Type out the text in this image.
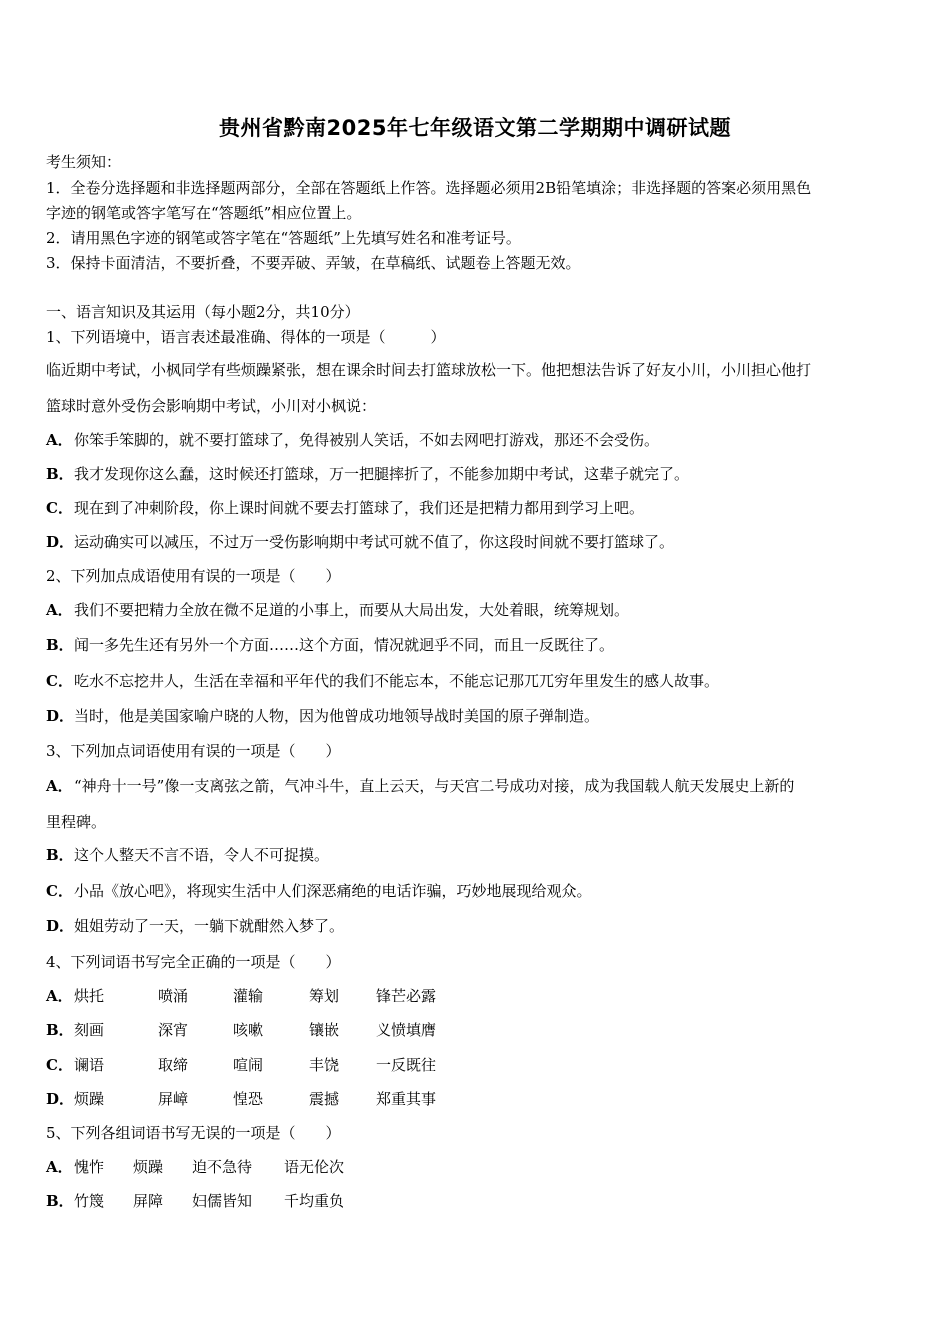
贵州省黔南2025年七年级语文第二学期期中调研试题
考生须知：
1．全卷分选择题和非选择题两部分，全部在答题纸上作答。选择题必须用2B铅笔填涂；非选择题的答案必须用黑色
字迹的钢笔或答字笔写在“答题纸”相应位置上。
2．请用黑色字迹的钢笔或答字笔在“答题纸”上先填写姓名和准考证号。
3．保持卡面清洁，不要折叠，不要弄破、弄皱，在草稿纸、试题卷上答题无效。
一、语言知识及其运用（每小题2分，共10分）
1、下列语境中，语言表述最准确、得体的一项是（　　　）
临近期中考试，小枫同学有些烦躁紧张，想在课余时间去打篮球放松一下。他把想法告诉了好友小川，小川担心他打
篮球时意外受伤会影响期中考试，小川对小枫说：
A．你笨手笨脚的，就不要打篮球了，免得被别人笑话，不如去网吧打游戏，那还不会受伤。
B．我才发现你这么蠢，这时候还打篮球，万一把腿摔折了，不能参加期中考试，这辈子就完了。
C．现在到了冲刺阶段，你上课时间就不要去打篮球了，我们还是把精力都用到学习上吧。
D．运动确实可以减压，不过万一受伤影响期中考试可就不值了，你这段时间就不要打篮球了。
2、下列加点成语使用有误的一项是（　　）
A．我们不要把精力全放在微不足道的小事上，而要从大局出发，大处着眼，统筹规划。
B．闻一多先生还有另外一个方面……这个方面，情况就迥乎不同，而且一反既往了。
C．吃水不忘挖井人，生活在幸福和平年代的我们不能忘本，不能忘记那兀兀穷年里发生的感人故事。
D．当时，他是美国家喻户晓的人物，因为他曾成功地领导战时美国的原子弹制造。
3、下列加点词语使用有误的一项是（　　）
A．“神舟十一号”像一支离弦之箭，气冲斗牛，直上云天，与天宫二号成功对接，成为我国载人航天发展史上新的
里程碑。
B．这个人整天不言不语，令人不可捉摸。
C．小品《放心吧》，将现实生活中人们深恶痛绝的电话诈骗，巧妙地展现给观众。
D．姐姐劳动了一天，一躺下就酣然入梦了。
4、下列词语书写完全正确的一项是（　　）
A． 烘托	喷涌	灌输	筹划 锋芒必露
B． 刻画	深宵	咳嗽	镶嵌 义愤填膺
C． 谰语	取缔	喧闹	丰饶 一反既往
D． 烦躁	屏嶂	惶恐	震撼 郑重其事
5、下列各组词语书写无误的一项是（　　）
A． 愧怍 烦躁 迫不急待 语无伦次
B． 竹篾 屏障 妇儒皆知 千均重负
